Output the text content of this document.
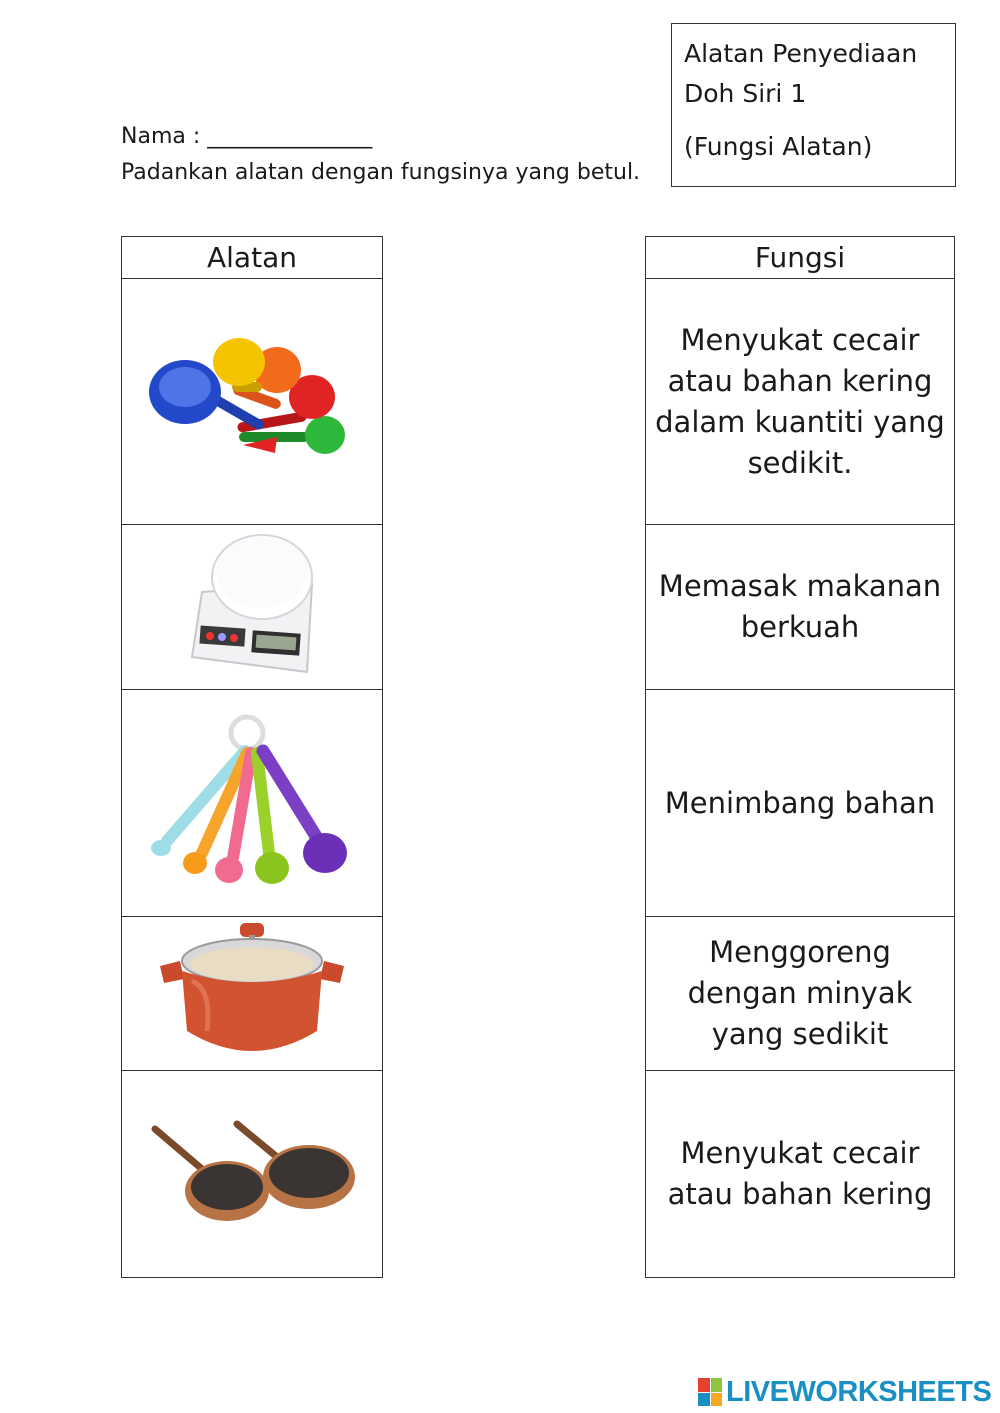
Alatan Penyediaan
Doh Siri 1
(Fungsi Alatan)
Nama : _______________
Padankan alatan dengan fungsinya yang betul.
Alatan	Fungsi
Menyukat cecair atau bahan kering dalam kuantiti yang sedikit.
Memasak makanan berkuah
Menimbang bahan
Menggoreng dengan minyak yang sedikit
Menyukat cecair atau bahan kering
LIVEWORKSHEETS
